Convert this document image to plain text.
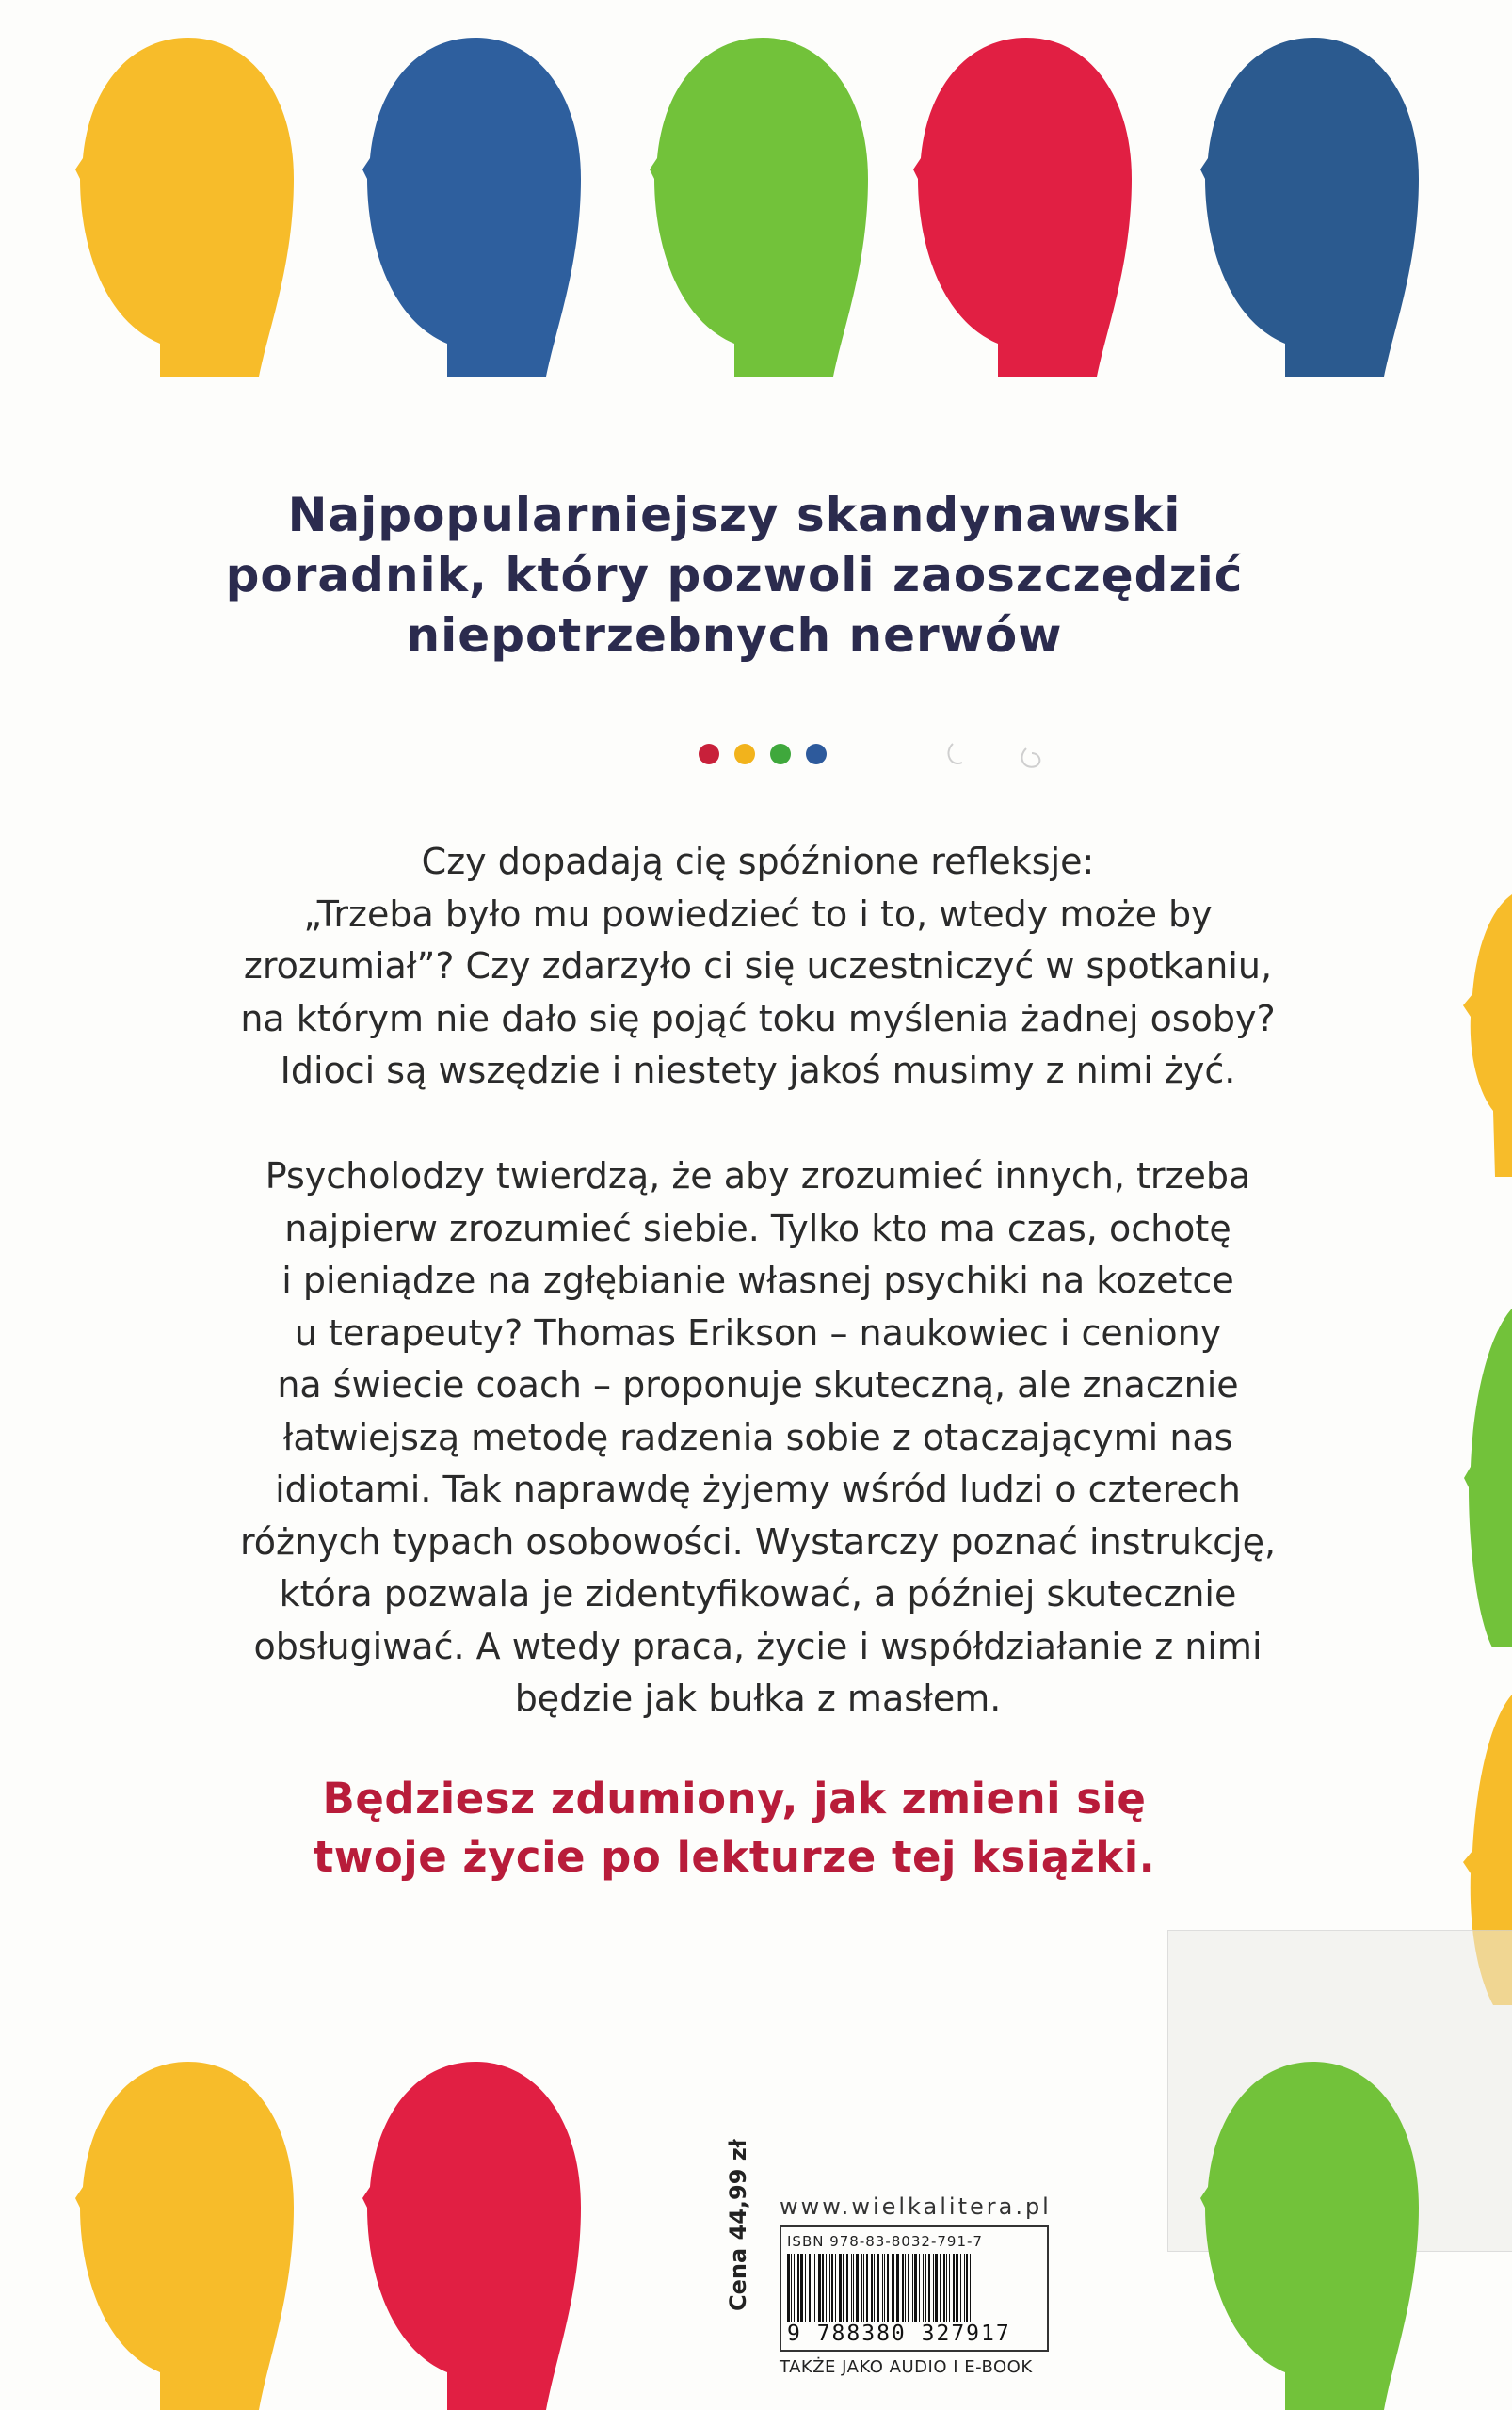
Najpopularniejszy skandynawski
poradnik, który pozwoli zaoszczędzić
niepotrzebnych nerwów

Czy dopadają cię spóźnione refleksje:

„Trzeba było mu powiedzieć to i to, wtedy może by

zrozumiał”? Czy zdarzyło ci się uczestniczyć w spotkaniu,

na którym nie dało się pojąć toku myślenia żadnej osoby?

Idioci są wszędzie i niestety jakoś musimy z nimi żyć.

Psycholodzy twierdzą, że aby zrozumieć innych, trzeba

najpierw zrozumieć siebie. Tylko kto ma czas, ochotę

i pieniądze na zgłębianie własnej psychiki na kozetce

u terapeuty? Thomas Erikson – naukowiec i ceniony

na świecie coach – proponuje skuteczną, ale znacznie

łatwiejszą metodę radzenia sobie z otaczającymi nas

idiotami. Tak naprawdę żyjemy wśród ludzi o czterech

różnych typach osobowości. Wystarczy poznać instrukcję,

która pozwala je zidentyfikować, a później skutecznie

obsługiwać. A wtedy praca, życie i współdziałanie z nimi

będzie jak bułka z masłem.

Będziesz zdumiony, jak zmieni się
twoje życie po lekturze tej książki.
Cena 44,99 zł www.wielkalitera.pl
ISBN 978-83-8032-791-7
9 788380 327917
TAKŻE JAKO AUDIO I E-BOOK
